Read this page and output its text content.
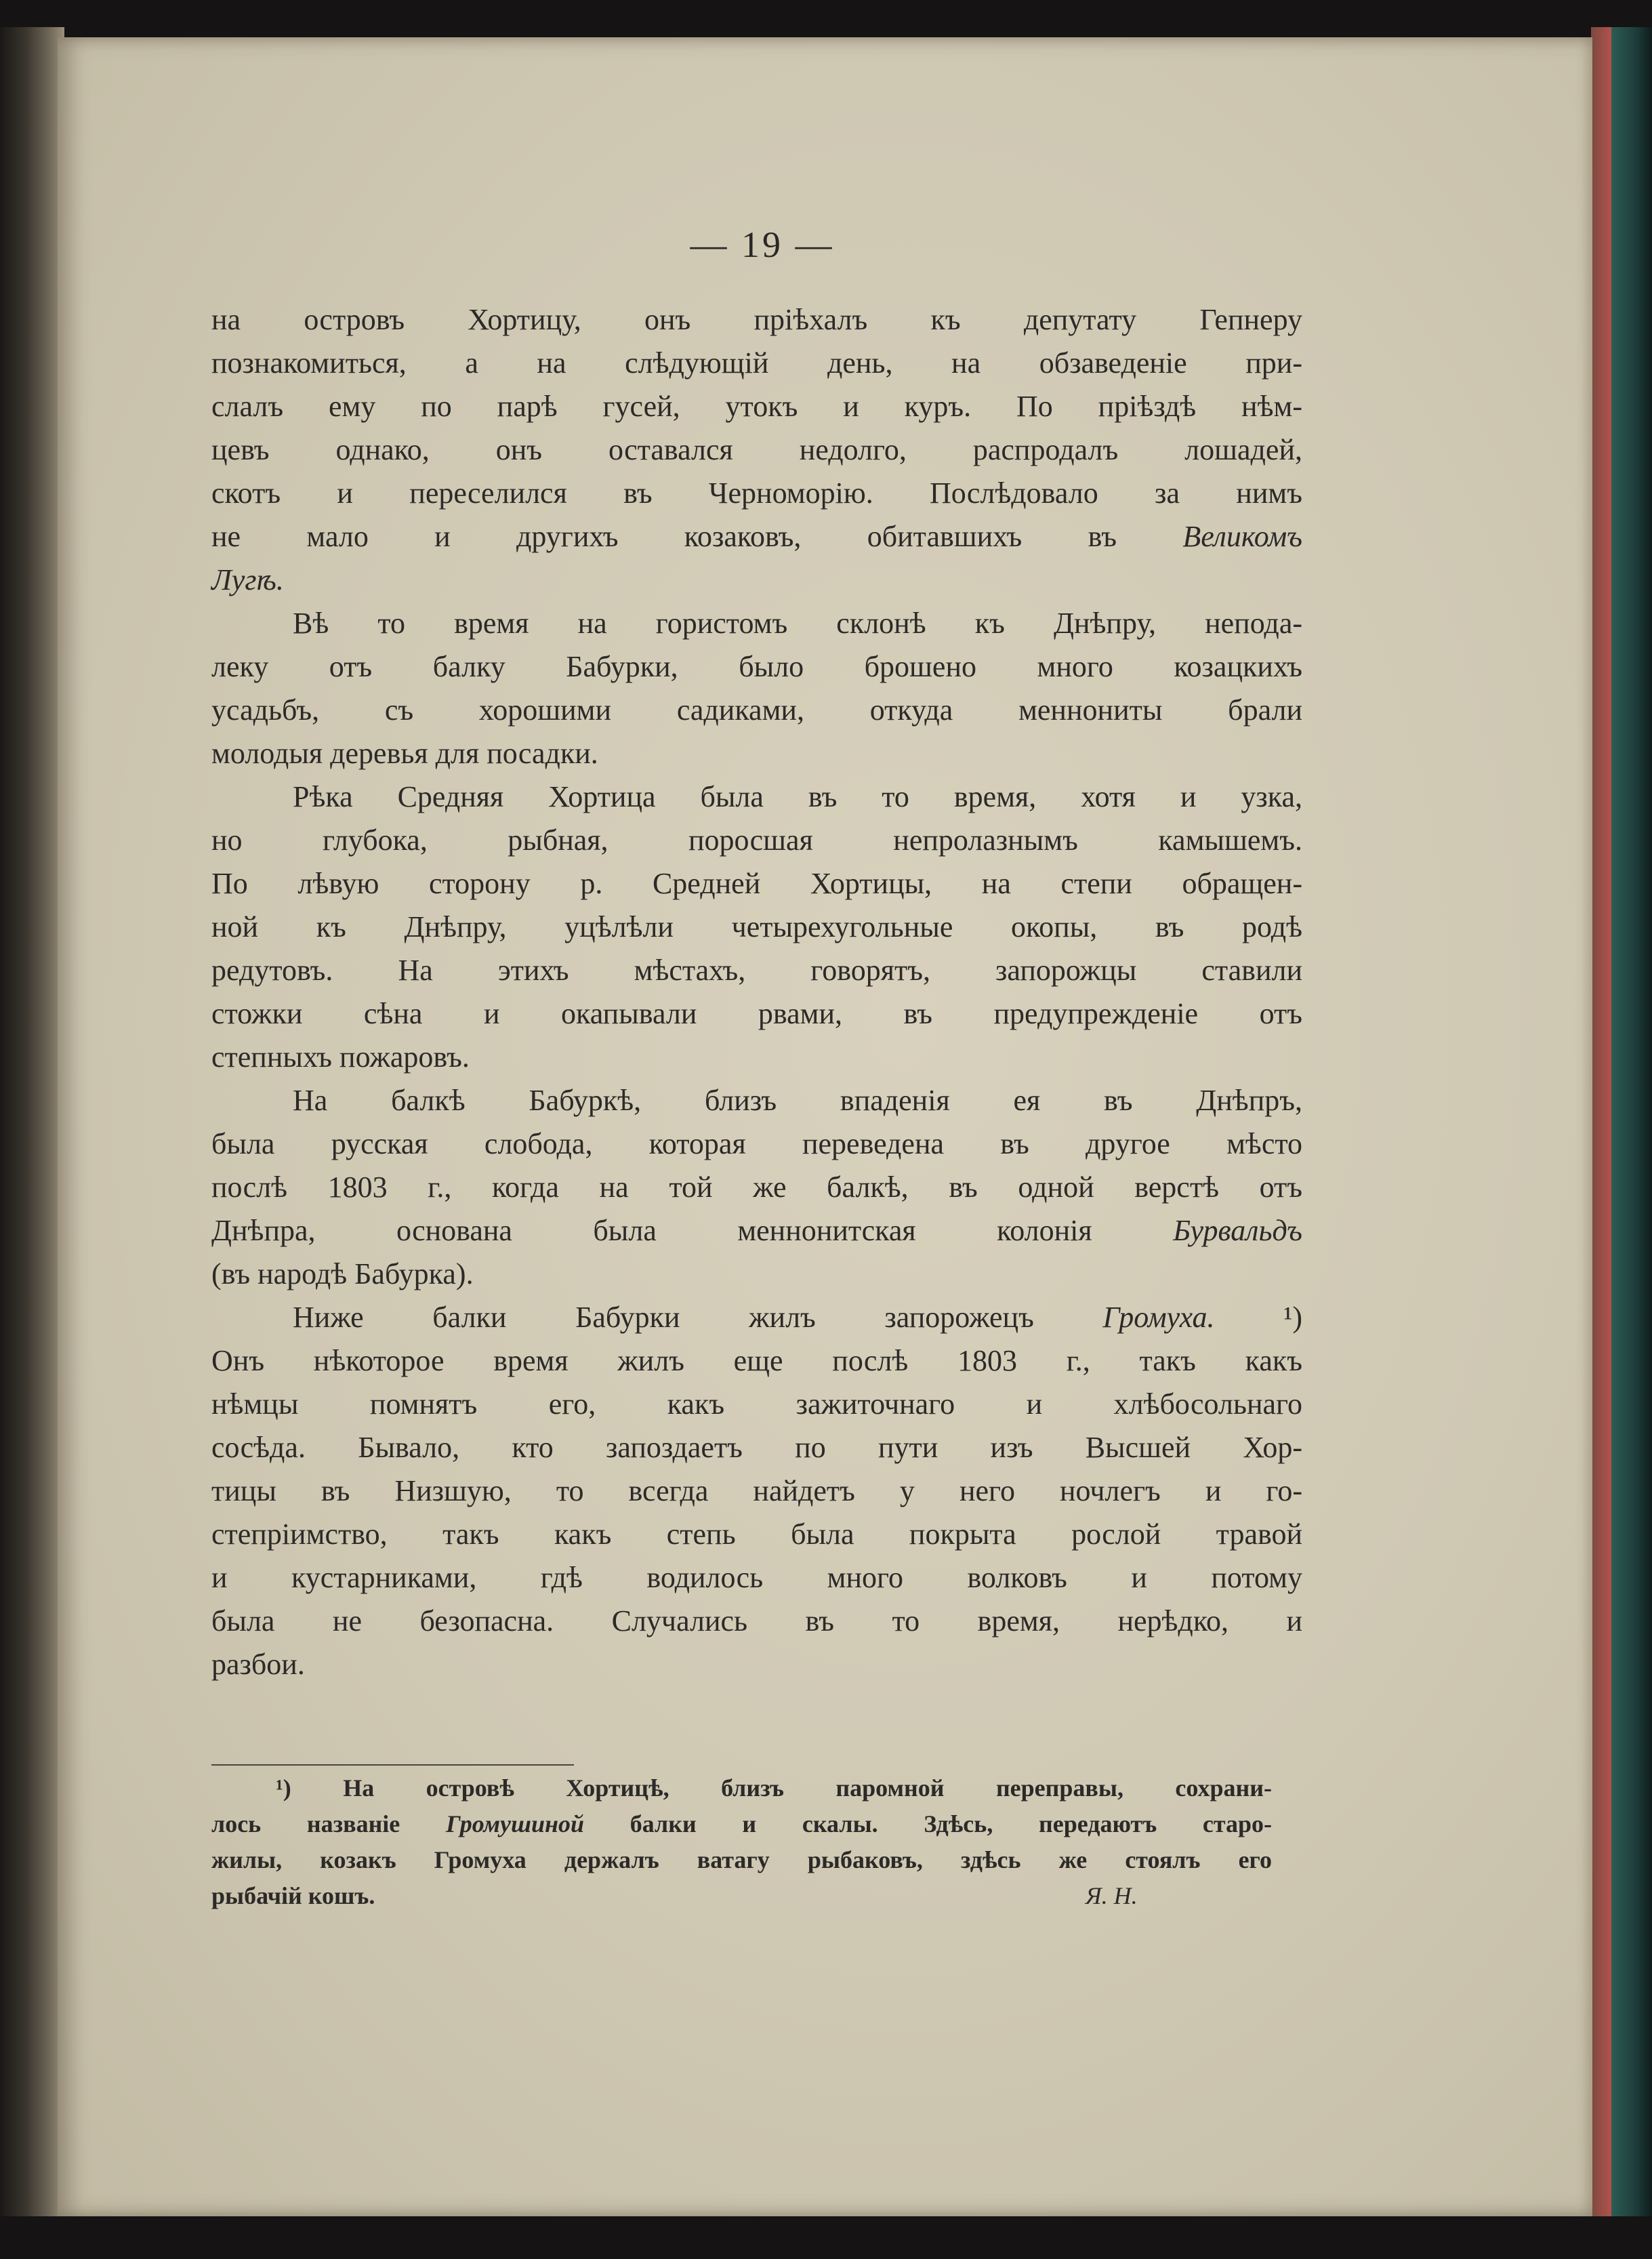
— 19 —
на островъ Хортицу, онъ пріѣхалъ къ депутату Гепнеру
познакомиться, а на слѣдующій день, на обзаведеніе при-
слалъ ему по парѣ гусей, утокъ и куръ. По пріѣздѣ нѣм-
цевъ однако, онъ оставался недолго, распродалъ лошадей,
скотъ и переселился въ Черноморію. Послѣдовало за нимъ
не мало и другихъ козаковъ, обитавшихъ въ Великомъ
Лугѣ.
Вѣ то время на гористомъ склонѣ къ Днѣпру, непода-
леку отъ балку Бабурки, было брошено много козацкихъ
усадьбъ, съ хорошими садиками, откуда меннониты брали
молодыя деревья для посадки.
Рѣка Средняя Хортица была въ то время, хотя и узка,
но глубока, рыбная, поросшая непролазнымъ камышемъ.
По лѣвую сторону р. Средней Хортицы, на степи обращен-
ной къ Днѣпру, уцѣлѣли четырехугольные окопы, въ родѣ
редутовъ. На этихъ мѣстахъ, говорятъ, запорожцы ставили
стожки сѣна и окапывали рвами, въ предупрежденіе отъ
степныхъ пожаровъ.
На балкѣ Бабуркѣ, близъ впаденія ея въ Днѣпръ,
была русская слобода, которая переведена въ другое мѣсто
послѣ 1803 г., когда на той же балкѣ, въ одной верстѣ отъ
Днѣпра, основана была меннонитская колонія	Бурвальдъ
(въ народѣ Бабурка).
Ниже балки Бабурки жилъ запорожецъ Громуха. ¹)
Онъ нѣкоторое время жилъ еще послѣ 1803 г., такъ какъ
нѣмцы помнятъ его, какъ зажиточнаго и хлѣбосольнаго
сосѣда. Бывало, кто запоздаетъ по пути изъ Высшей Хор-
тицы въ Низшую, то всегда найдетъ у него ночлегъ и го-
степріимство, такъ какъ степь была покрыта рослой травой
и кустарниками, гдѣ водилось много волковъ и потому
была не безопасна. Случались въ то время, нерѣдко, и
разбои.
¹) На островѣ Хортицѣ, близъ паромной переправы, сохрани-
лось названіе Громушиной балки и скалы. Здѣсь, передаютъ старо-
жилы, козакъ Громуха держалъ ватагу рыбаковъ, здѣсь же стоялъ его
рыбачій кошъ.	Я. Н.
